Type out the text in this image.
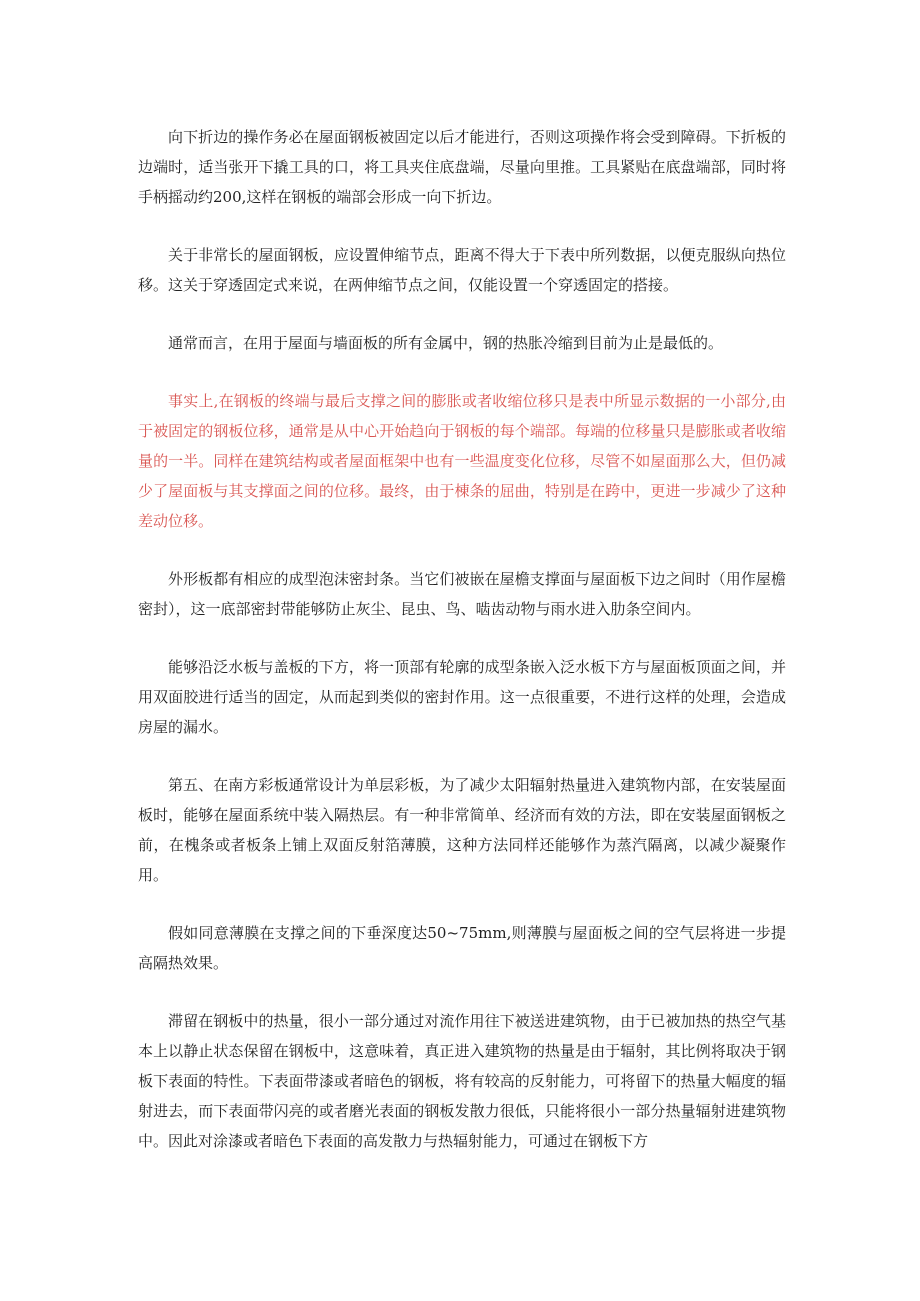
向下折边的操作务必在屋面钢板被固定以后才能进行，否则这项操作将会受到障碍。下折板的边端时，适当张开下撬工具的口，将工具夹住底盘端，尽量向里推。工具紧贴在底盘端部，同时将手柄摇动约200,这样在钢板的端部会形成一向下折边。

关于非常长的屋面钢板，应设置伸缩节点，距离不得大于下表中所列数据，以便克服纵向热位移。这关于穿透固定式来说，在两伸缩节点之间，仅能设置一个穿透固定的搭接。

通常而言，在用于屋面与墙面板的所有金属中，钢的热胀冷缩到目前为止是最低的。

事实上,在钢板的终端与最后支撑之间的膨胀或者收缩位移只是表中所显示数据的一小部分,由于被固定的钢板位移，通常是从中心开始趋向于钢板的每个端部。每端的位移量只是膨胀或者收缩量的一半。同样在建筑结构或者屋面框架中也有一些温度变化位移，尽管不如屋面那么大，但仍减少了屋面板与其支撑面之间的位移。最终，由于棟条的屈曲，特别是在跨中，更进一步减少了这种差动位移。

外形板都有相应的成型泡沫密封条。当它们被嵌在屋檐支撑面与屋面板下边之间时（用作屋檐密封），这一底部密封带能够防止灰尘、昆虫、鸟、啮齿动物与雨水进入肋条空间内。

能够沿泛水板与盖板的下方，将一顶部有轮廓的成型条嵌入泛水板下方与屋面板顶面之间，并用双面胶进行适当的固定，从而起到类似的密封作用。这一点很重要，不进行这样的处理，会造成房屋的漏水。

第五、在南方彩板通常设计为单层彩板，为了减少太阳辐射热量进入建筑物内部，在安装屋面板时，能够在屋面系统中装入隔热层。有一种非常简单、经济而有效的方法，即在安装屋面钢板之前，在槐条或者板条上铺上双面反射箔薄膜，这种方法同样还能够作为蒸汽隔离，以减少凝聚作用。

假如同意薄膜在支撑之间的下垂深度达50~75mm,则薄膜与屋面板之间的空气层将进一步提高隔热效果。

滞留在钢板中的热量，很小一部分通过对流作用往下被送进建筑物，由于已被加热的热空气基本上以静止状态保留在钢板中，这意味着，真正进入建筑物的热量是由于辐射，其比例将取决于钢板下表面的特性。下表面带漆或者暗色的钢板，将有较高的反射能力，可将留下的热量大幅度的辐射进去，而下表面带闪亮的或者磨光表面的钢板发散力很低，只能将很小一部分热量辐射进建筑物中。因此对涂漆或者暗色下表面的高发散力与热辐射能力，可通过在钢板下方
